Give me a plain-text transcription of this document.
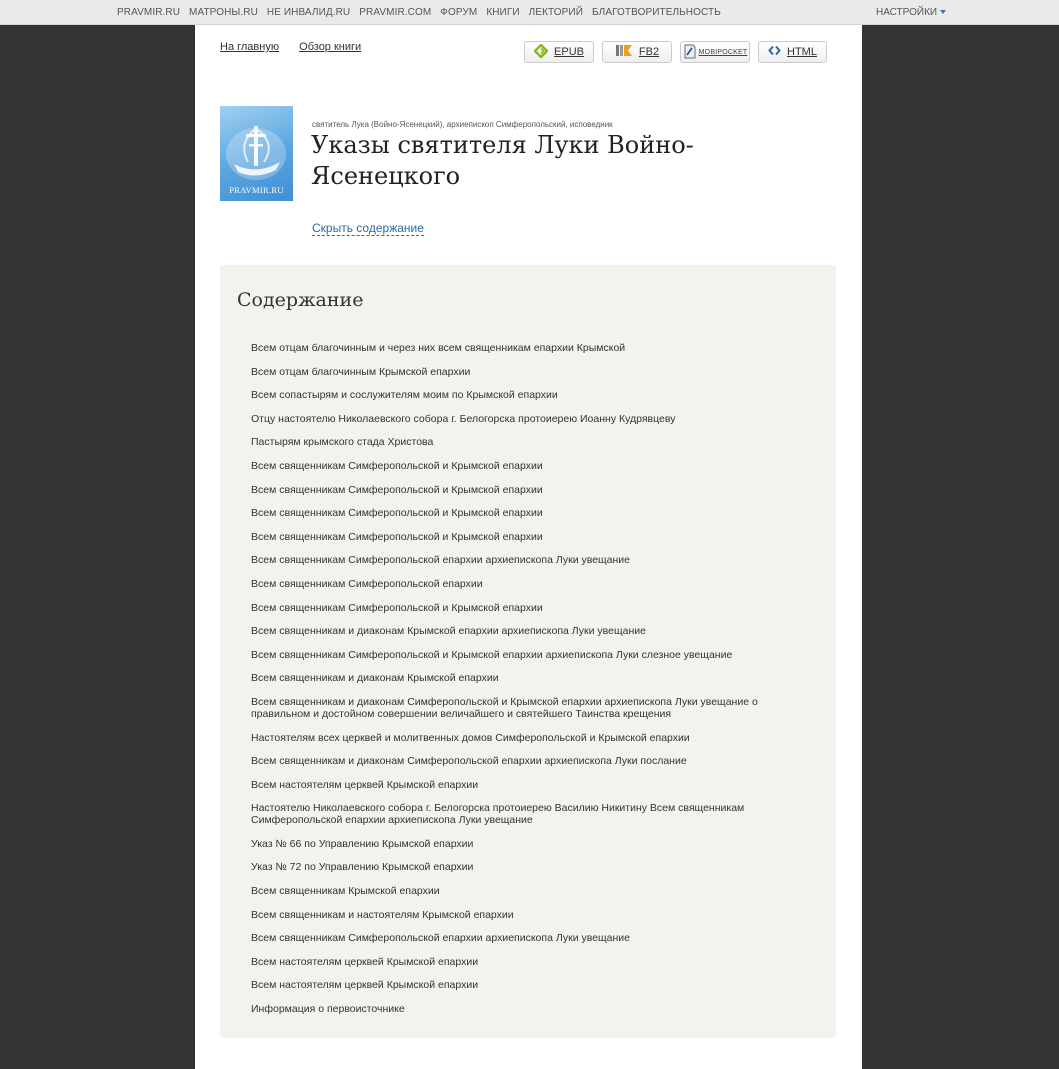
PRAVMIR.RU МАТРОНЫ.RU НЕ ИНВАЛИД.RU PRAVMIR.COM ФОРУМ КНИГИ ЛЕКТОРИЙ БЛАГОТВОРИТЕЛЬНОСТЬ	НАСТРОЙКИ
На главную Обзор книги	EPUB	FB2	MOBIPOCKET	HTML
PRAVMIR.RU
святитель Лука (Войно-Ясенецкий), архиепископ Симферопольский, исповедник
Указы святителя Луки Войно-Ясенецкого
Скрыть содержание
Содержание
Всем отцам благочинным и через них всем священникам епархии Крымской
Всем отцам благочинным Крымской епархии
Всем сопастырям и сослужителям моим по Крымской епархии
Отцу настоятелю Николаевского собора г. Белогорска протоиерею Иоанну Кудрявцеву
Пастырям крымского стада Христова
Всем священникам Симферопольской и Крымской епархии
Всем священникам Симферопольской и Крымской епархии
Всем священникам Симферопольской и Крымской епархии
Всем священникам Симферопольской и Крымской епархии
Всем священникам Симферопольской епархии архиепископа Луки увещание
Всем священникам Симферопольской епархии
Всем священникам Симферопольской и Крымской епархии
Всем священникам и диаконам Крымской епархии архиепископа Луки увещание
Всем священникам Симферопольской и Крымской епархии архиепископа Луки слезное увещание
Всем священникам и диаконам Крымской епархии
Всем священникам и диаконам Симферопольской и Крымской епархии архиепископа Луки увещание о правильном и достойном совершении величайшего и святейшего Таинства крещения
Настоятелям всех церквей и молитвенных домов Симферопольской и Крымской епархии
Всем священникам и диаконам Симферопольской епархии архиепископа Луки послание
Всем настоятелям церквей Крымской епархии
Настоятелю Николаевского собора г. Белогорска протоиерею Василию Никитину Всем священникам Симферопольской епархии архиепископа Луки увещание
Указ № 66 по Управлению Крымской епархии
Указ № 72 по Управлению Крымской епархии
Всем священникам Крымской епархии
Всем священникам и настоятелям Крымской епархии
Всем священникам Симферопольской епархии архиепископа Луки увещание
Всем настоятелям церквей Крымской епархии
Всем настоятелям церквей Крымской епархии
Информация о первоисточнике
